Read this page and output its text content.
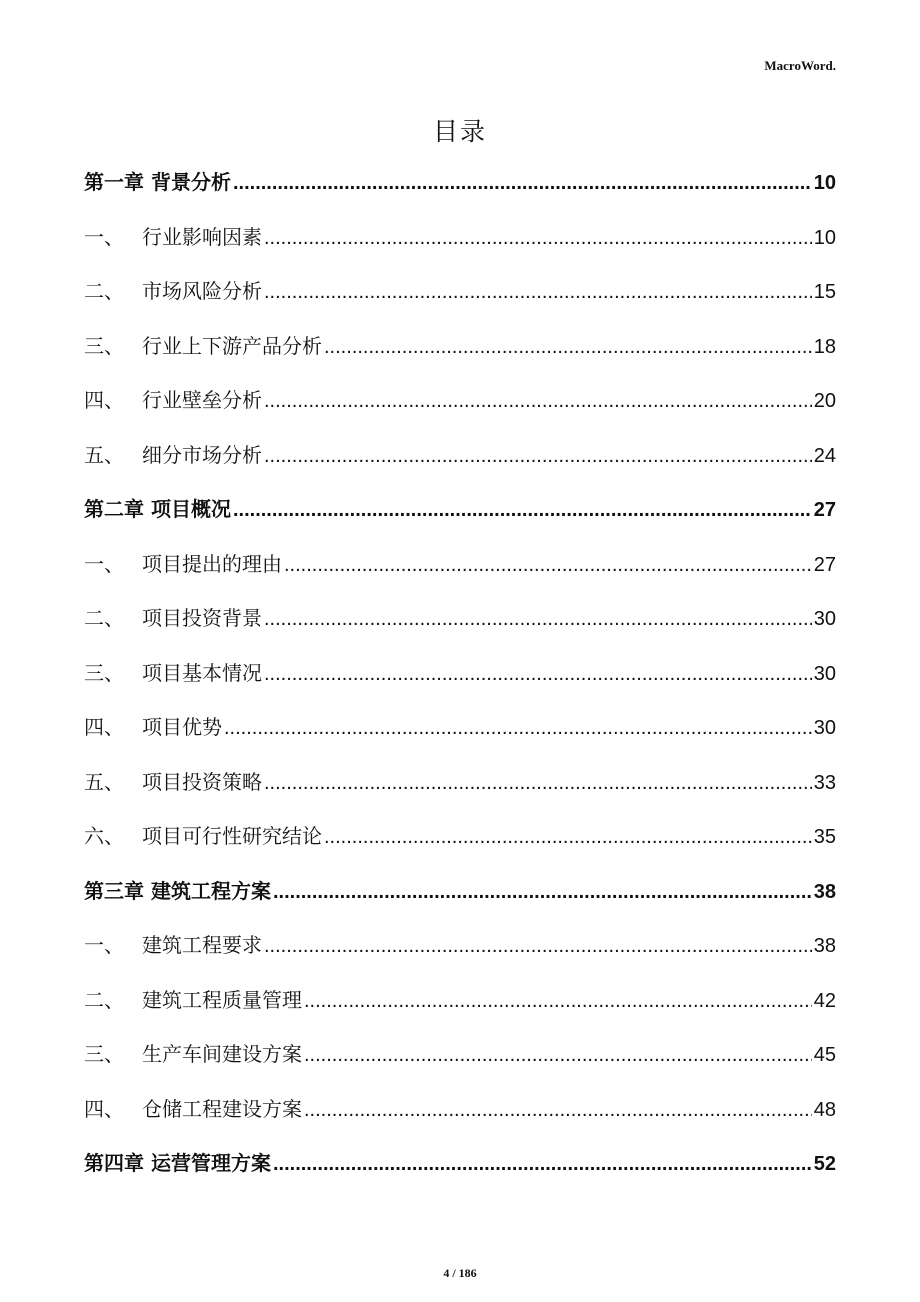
MacroWord.
目录
第一章 背景分析 .....	10
一、 行业影响因素 .....	10
二、 市场风险分析 .....	15
三、 行业上下游产品分析 .....	18
四、 行业壁垒分析 .....	20
五、 细分市场分析 .....	24
第二章 项目概况 .....	27
一、 项目提出的理由 .....	27
二、 项目投资背景 .....	30
三、 项目基本情况 .....	30
四、 项目优势 .....	30
五、 项目投资策略 .....	33
六、 项目可行性研究结论 .....	35
第三章 建筑工程方案 .....	38
一、 建筑工程要求 .....	38
二、 建筑工程质量管理 .....	42
三、 生产车间建设方案 .....	45
四、 仓储工程建设方案 .....	48
第四章 运营管理方案 .....	52
4 / 186
